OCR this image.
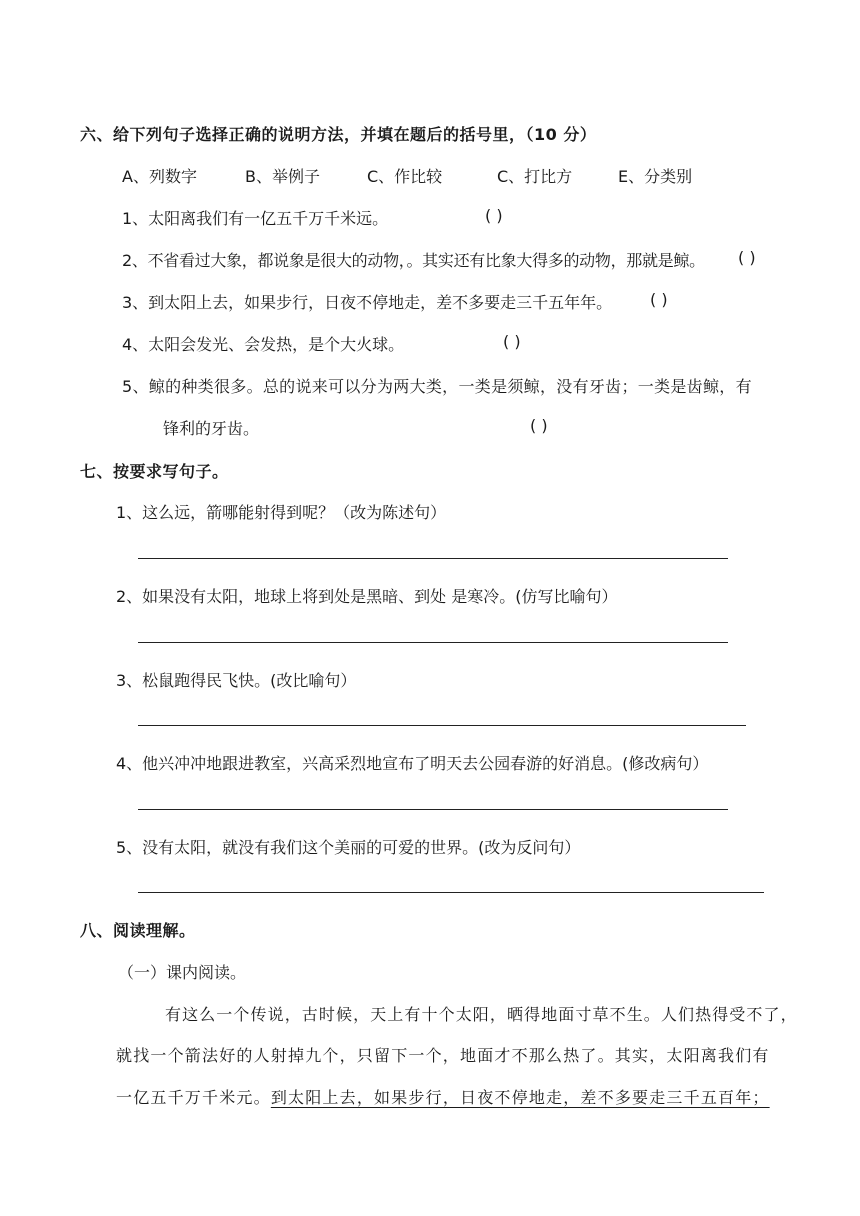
六、给下列句子选择正确的说明方法，并填在题后的括号里，（10 分）
A、列数字	B、举例子	C、作比较	C、打比方	E、分类别
1、太阳离我们有一亿五千万千米远。	( )
2、不省看过大象，都说象是很大的动物，。其实还有比象大得多的动物，那就是鲸。 ( )
3、到太阳上去，如果步行，日夜不停地走，差不多要走三千五年年。 ( )
4、太阳会发光、会发热，是个大火球。	( )
5、鲸的种类很多。总的说来可以分为两大类，一类是须鲸，没有牙齿；一类是齿鲸，有
锋利的牙齿。	( )
七、按要求写句子。
1、这么远，箭哪能射得到呢？（改为陈述句）
2、如果没有太阳，地球上将到处是黑暗、到处 是寒冷。(仿写比喻句）
3、松鼠跑得民飞快。(改比喻句）
4、他兴冲冲地跟进教室，兴高采烈地宣布了明天去公园春游的好消息。(修改病句）
5、没有太阳，就没有我们这个美丽的可爱的世界。(改为反问句）
八、阅读理解。
（一）课内阅读。
有这么一个传说，古时候，天上有十个太阳，晒得地面寸草不生。人们热得受不了，
就找一个箭法好的人射掉九个，只留下一个，地面才不那么热了。其实，太阳离我们有
一亿五千万千米元。到太阳上去，如果步行，日夜不停地走，差不多要走三千五百年；
